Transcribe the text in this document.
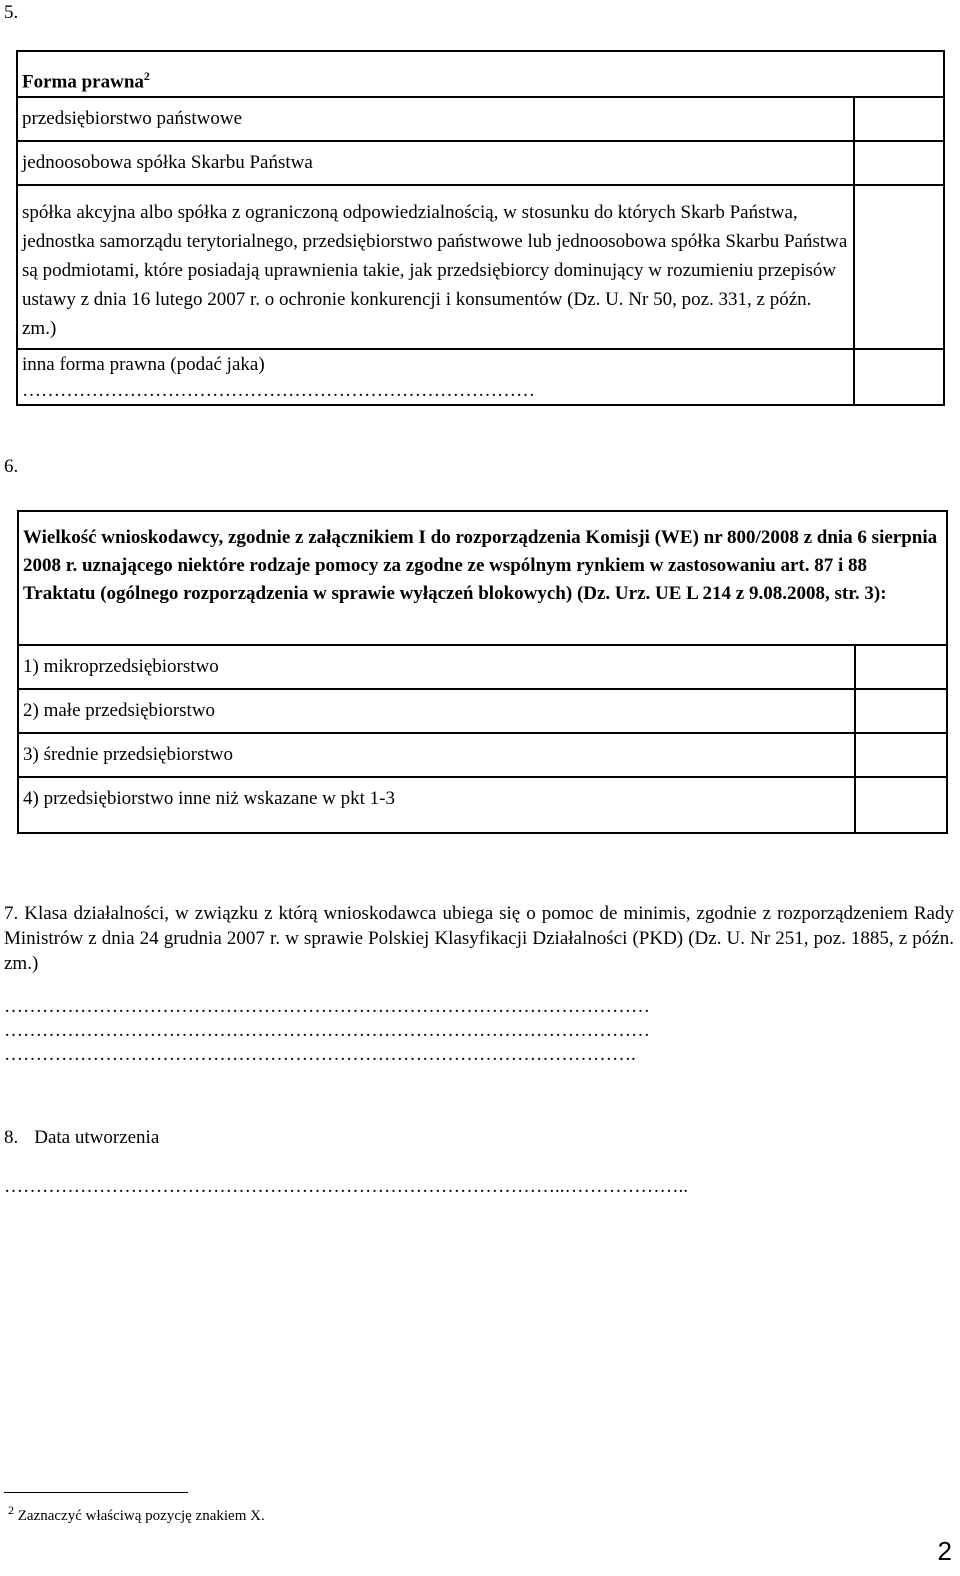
5.
Forma prawna$^2$
przedsiębiorstwo państwowe	
jednoosobowa spółka Skarbu Państwa	
spółka akcyjna albo spółka z ograniczoną odpowiedzialnością, w stosunku do których Skarb Państwa, jednostka samorządu terytorialnego, przedsiębiorstwo państwowe lub jednoosobowa spółka Skarbu Państwa są podmiotami, które posiadają uprawnienia takie, jak przedsiębiorcy dominujący w rozumieniu przepisów ustawy z dnia 16 lutego 2007 r. o ochronie konkurencji i konsumentów (Dz. U. Nr 50, poz. 331, z późn. zm.)	

inna forma prawna (podać jaka)
………………………………………………………………………	

6.
Wielkość wnioskodawcy, zgodnie z załącznikiem I do rozporządzenia Komisji (WE) nr 800/2008 z dnia 6 sierpnia 2008 r. uznającego niektóre rodzaje pomocy za zgodne ze wspólnym rynkiem w zastosowaniu art. 87 i 88 Traktatu (ogólnego rozporządzenia w sprawie wyłączeń blokowych) (Dz. Urz. UE L 214 z 9.08.2008, str. 3):	
1) mikroprzedsiębiorstwo	
2) małe przedsiębiorstwo	
3) średnie przedsiębiorstwo	
4) przedsiębiorstwo inne niż wskazane w pkt 1-3	
7. Klasa działalności, w związku z którą wnioskodawca ubiega się o pomoc de minimis, zgodnie z rozporządzeniem Rady Ministrów z dnia 24 grudnia 2007 r. w sprawie Polskiej Klasyfikacji Działalności (PKD) (Dz. U. Nr 251, poz. 1885, z późn. zm.)
…………………………………………………………………………………………
…………………………………………………………………………………………
……………………………………………………………………………………….
8. Data utworzenia
……………………………………………………………………………..………………..
$^2$ Zaznaczyć właściwą pozycję znakiem X.
2
